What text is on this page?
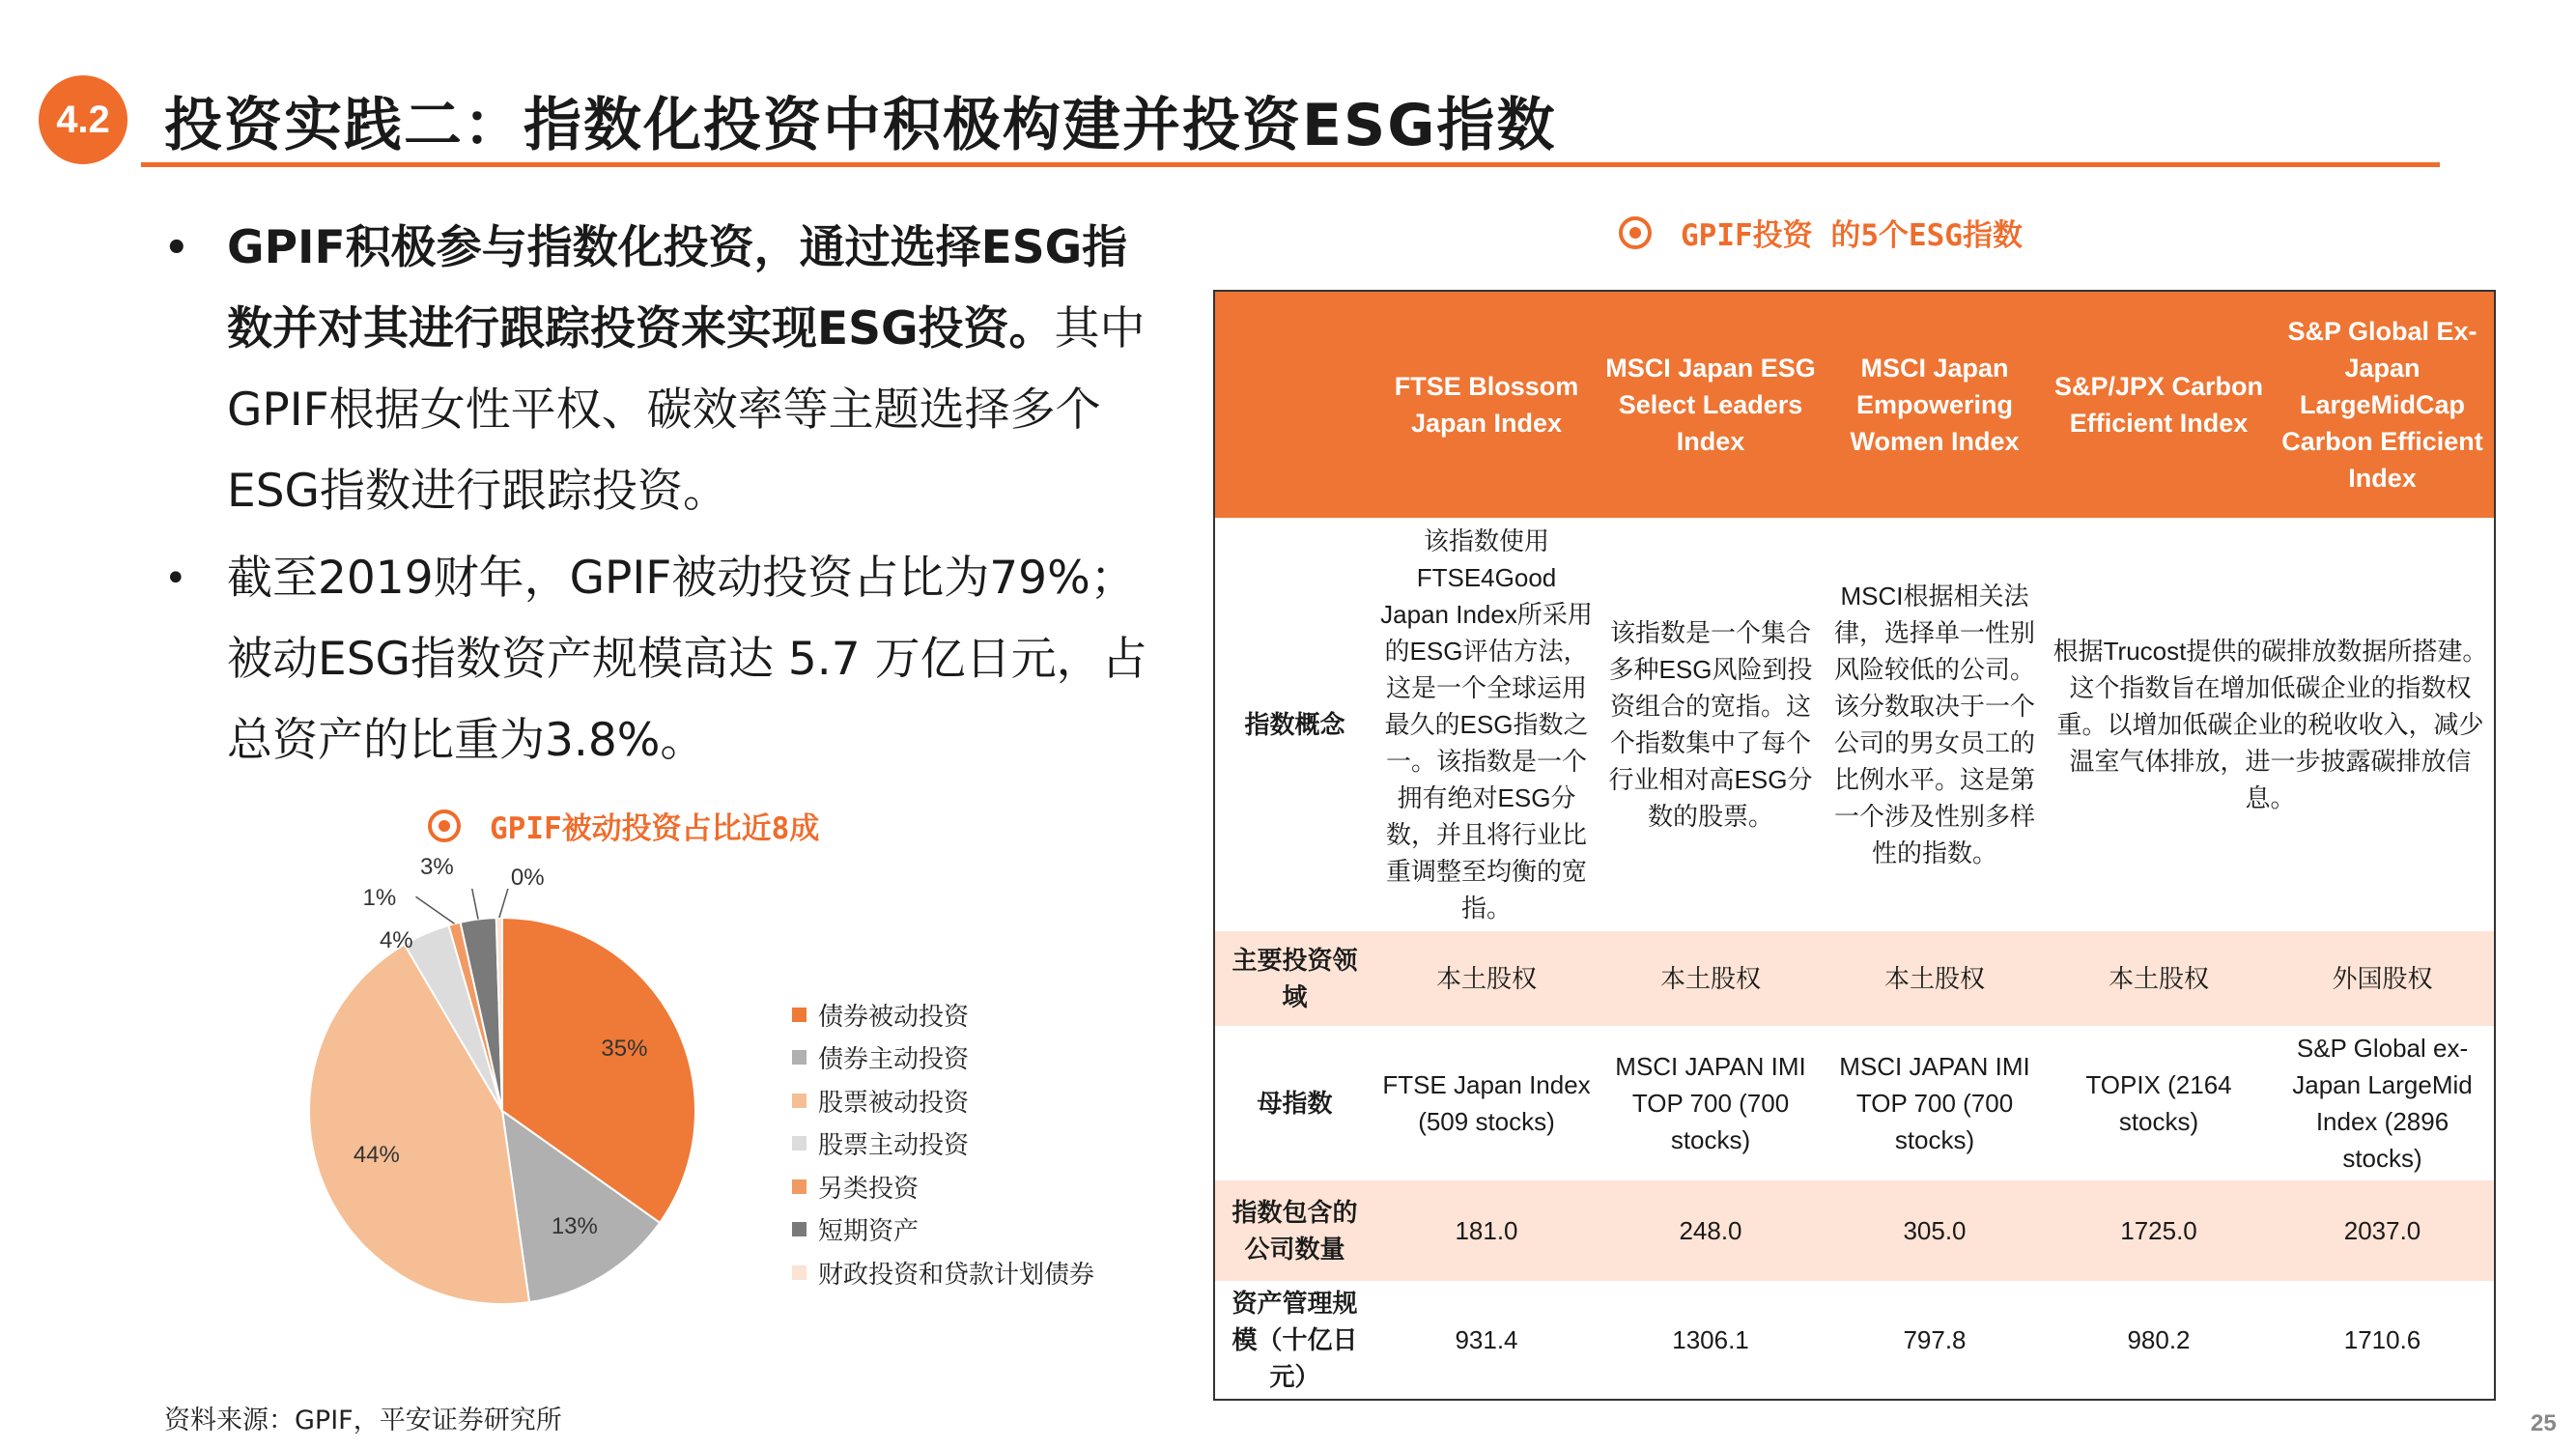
4.2 投资实践二：指数化投资中积极构建并投资ESG指数
• GPIF积极参与指数化投资，通过选择ESG指数并对其进行跟踪投资来实现ESG投资。其中GPIF根据女性平权、碳效率等主题选择多个ESG指数进行跟踪投资。
• 截至2019财年，GPIF被动投资占比为79%；被动ESG指数资产规模高达 5.7 万亿日元，占总资产的比重为3.8%。
GPIF被动投资占比近8成
35%
13%
44%
4%
1%
3% 0%
债券被动投资
债券主动投资
股票被动投资
股票主动投资
另类投资
短期资产
财政投资和贷款计划债券
GPIF投资 的5个ESG指数
	FTSE Blossom Japan Index	MSCI Japan ESG Select Leaders Index	MSCI Japan Empowering Women Index	S&P/JPX Carbon Efficient Index	S&P Global Ex-Japan LargeMidCap Carbon Efficient Index
指数概念	该指数使用FTSE4Good Japan Index所采用的ESG评估方法，这是一个全球运用最久的ESG指数之一。该指数是一个拥有绝对ESG分数，并且将行业比重调整至均衡的宽指。	该指数是一个集合多种ESG风险到投资组合的宽指。这个指数集中了每个行业相对高ESG分数的股票。	MSCI根据相关法律，选择单一性别风险较低的公司。该分数取决于一个公司的男女员工的比例水平。这是第一个涉及性别多样性的指数。	根据Trucost提供的碳排放数据所搭建。这个指数旨在增加低碳企业的指数权重。以增加低碳企业的税收收入，减少温室气体排放，进一步披露碳排放信息。	
主要投资领域	本土股权	本土股权	本土股权	本土股权	外国股权
母指数	FTSE Japan Index (509 stocks)	MSCI JAPAN IMI TOP 700 (700 stocks)	MSCI JAPAN IMI TOP 700 (700 stocks)	TOPIX (2164 stocks)	S&P Global ex-Japan LargeMid Index (2896 stocks)
指数包含的公司数量	181.0	248.0	305.0	1725.0	2037.0
资产管理规模（十亿日元）	931.4	1306.1	797.8	980.2	1710.6
资料来源：GPIF，平安证券研究所	25
